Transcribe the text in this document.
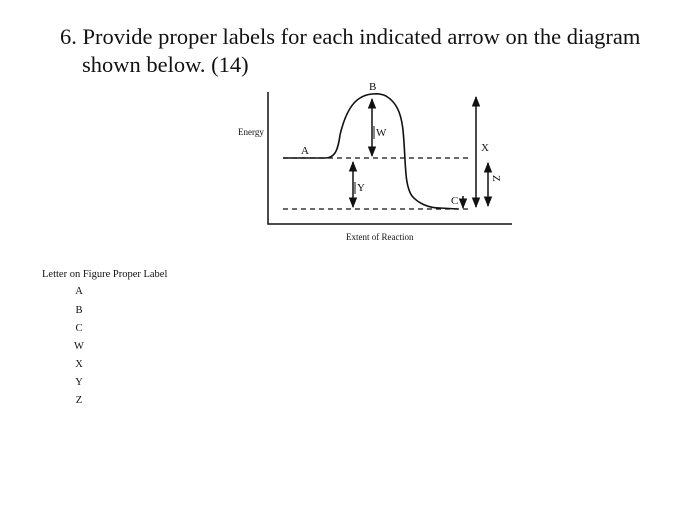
6. Provide proper labels for each indicated arrow on the diagram
shown below. (14)
Energy
Extent of Reaction
A
B
C
W
X
Y
Z
Letter on Figure Proper Label
A
B
C
W
X
Y
Z
